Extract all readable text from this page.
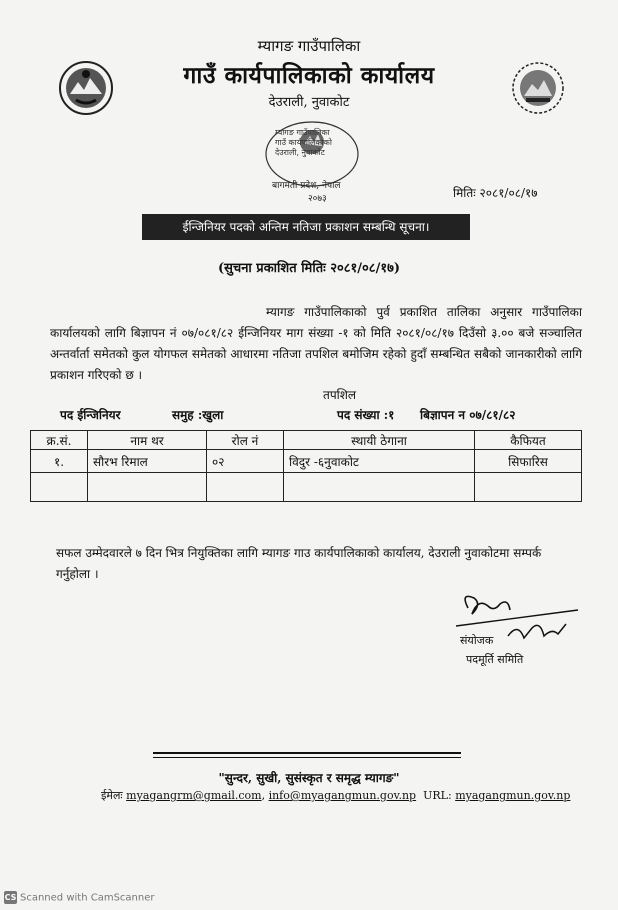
म्यागङ गाउँपालिका
गाउँ कार्यपालिकाको कार्यालय
देउराली, नुवाकोट
बागमती प्रदेश, नेपाल
२०७३
म्यागङ गाउँपालिका
गाउँ कार्यपालिकाको
देउराली, नुवाकोट
मितिः २०८१/०८/१७
ईन्जिनियर पदको अन्तिम नतिजा प्रकाशन सम्बन्धि सूचना।
(सुचना प्रकाशित मितिः २०८१/०८/१७)
म्यागङ गाउँपालिकाको पुर्व प्रकाशित तालिका अनुसार गाउँपालिका कार्यालयको लागि बिज्ञापन नं ०७/०८१/८२ ईन्जिनियर माग संख्या -१ को मिति २०८१/०८/१७ दिउँसो ३.०० बजे सञ्चालित अन्तर्वार्ता समेतको कुल योगफल समेतको आधारमा नतिजा तपशिल बमोजिम रहेको हुदाँ सम्बन्धित सबैको जानकारीको लागि प्रकाशन गरिएको छ ।
तपशिल
पद ईन्जिनियर	समुह :खुला	पद संख्या :१ बिज्ञापन न ०७/८१/८२
क्र.सं.	नाम थर	रोल नं	स्थायी ठेगाना	कैफियत
१.	सौरभ रिमाल	०२	विदुर -६नुवाकोट	सिफारिस

सफल उम्मेदवारले ७ दिन भित्र नियुक्तिका लागि म्यागङ गाउ कार्यपालिकाको कार्यालय, देउराली नुवाकोटमा सम्पर्क गर्नुहोला ।
संयोजक
पदमूर्ति समिति
"सुन्दर, सुखी, सुसंस्कृत र समृद्ध म्यागङ"
ईमेलः myagangrm@gmail.com, info@myagangmun.gov.np URL: myagangmun.gov.np
CS Scanned with CamScanner
